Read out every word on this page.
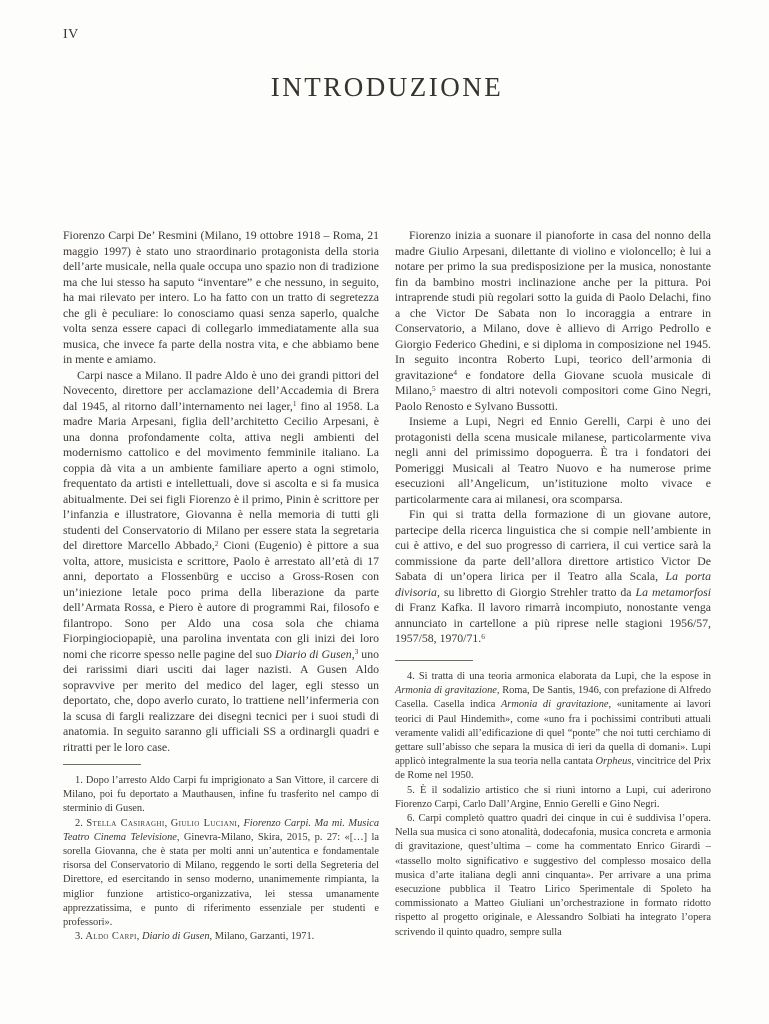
IV
INTRODUZIONE

Fiorenzo Carpi De’ Resmini (Milano, 19 ottobre 1918 – Roma, 21 maggio 1997) è stato uno straordinario protagonista della storia dell’arte musicale, nella quale occupa uno spazio non di tradizione ma che lui stesso ha saputo “inventare” e che nessuno, in seguito, ha mai rilevato per intero. Lo ha fatto con un tratto di segretezza che gli è peculiare: lo conosciamo quasi senza saperlo, qualche volta senza essere capaci di collegarlo immediatamente alla sua musica, che invece fa parte della nostra vita, e che abbiamo bene in mente e amiamo.

Carpi nasce a Milano. Il padre Aldo è uno dei grandi pittori del Novecento, direttore per acclamazione dell’Accademia di Brera dal 1945, al ritorno dall’internamento nei lager,$^1$ fino al 1958. La madre Maria Arpesani, figlia dell’architetto Cecilio Arpesani, è una donna profondamente colta, attiva negli ambienti del modernismo cattolico e del movimento femminile italiano. La coppia dà vita a un ambiente familiare aperto a ogni stimolo, frequentato da artisti e intellettuali, dove si ascolta e si fa musica abitualmente. Dei sei figli Fiorenzo è il primo, Pinin è scrittore per l’infanzia e illustratore, Giovanna è nella memoria di tutti gli studenti del Conservatorio di Milano per essere stata la segretaria del direttore Marcello Abbado,$^2$ Cioni (Eugenio) è pittore a sua volta, attore, musicista e scrittore, Paolo è arrestato all’età di 17 anni, deportato a Flossenbürg e ucciso a Gross-Rosen con un’iniezione letale poco prima della liberazione da parte dell’Armata Rossa, e Piero è autore di programmi Rai, filosofo e filantropo. Sono per Aldo una cosa sola che chiama Fiorpingiociopapiè, una parolina inventata con gli inizi dei loro nomi che ricorre spesso nelle pagine del suo Diario di Gusen,$^3$ uno dei rarissimi diari usciti dai lager nazisti. A Gusen Aldo sopravvive per merito del medico del lager, egli stesso un deportato, che, dopo averlo curato, lo trattiene nell’infermeria con la scusa di fargli realizzare dei disegni tecnici per i suoi studi di anatomia. In seguito saranno gli ufficiali SS a ordinargli quadri e ritratti per le loro case.

1. Dopo l’arresto Aldo Carpi fu imprigionato a San Vittore, il carcere di Milano, poi fu deportato a Mauthausen, infine fu trasferito nel campo di sterminio di Gusen.

2. Stella Casiraghi, Giulio Luciani, Fiorenzo Carpi. Ma mi. Musica Teatro Cinema Televisione, Ginevra-Milano, Skira, 2015, p. 27: «[…] la sorella Giovanna, che è stata per molti anni un’autentica e fondamentale risorsa del Conservatorio di Milano, reggendo le sorti della Segreteria del Direttore, ed esercitando in senso moderno, unanimemente rimpianta, la miglior funzione artistico-organizzativa, lei stessa umanamente apprezzatissima, e punto di riferimento essenziale per studenti e professori».

3. Aldo Carpi, Diario di Gusen, Milano, Garzanti, 1971.

Fiorenzo inizia a suonare il pianoforte in casa del nonno della madre Giulio Arpesani, dilettante di violino e violoncello; è lui a notare per primo la sua predisposizione per la musica, nonostante fin da bambino mostri inclinazione anche per la pittura. Poi intraprende studi più regolari sotto la guida di Paolo Delachi, fino a che Victor De Sabata non lo incoraggia a entrare in Conservatorio, a Milano, dove è allievo di Arrigo Pedrollo e Giorgio Federico Ghedini, e si diploma in composizione nel 1945. In seguito incontra Roberto Lupi, teorico dell’armonia di gravitazione$^4$ e fondatore della Giovane scuola musicale di Milano,$^5$ maestro di altri notevoli compositori come Gino Negri, Paolo Renosto e Sylvano Bussotti.

Insieme a Lupi, Negri ed Ennio Gerelli, Carpi è uno dei protagonisti della scena musicale milanese, particolarmente viva negli anni del primissimo dopoguerra. È tra i fondatori dei Pomeriggi Musicali al Teatro Nuovo e ha numerose prime esecuzioni all’Angelicum, un’istituzione molto vivace e particolarmente cara ai milanesi, ora scomparsa.

Fin qui si tratta della formazione di un giovane autore, partecipe della ricerca linguistica che si compie nell’ambiente in cui è attivo, e del suo progresso di carriera, il cui vertice sarà la commissione da parte dell’allora direttore artistico Victor De Sabata di un’opera lirica per il Teatro alla Scala, La porta divisoria, su libretto di Giorgio Strehler tratto da La metamorfosi di Franz Kafka. Il lavoro rimarrà incompiuto, nonostante venga annunciato in cartellone a più riprese nelle stagioni 1956/57, 1957/58, 1970/71.$^6$

4. Si tratta di una teoria armonica elaborata da Lupi, che la espose in Armonia di gravitazione, Roma, De Santis, 1946, con prefazione di Alfredo Casella. Casella indica Armonia di gravitazione, «unitamente ai lavori teorici di Paul Hindemith», come «uno fra i pochissimi contributi attuali veramente validi all’edificazione di quel “ponte” che noi tutti cerchiamo di gettare sull’abisso che separa la musica di ieri da quella di domani». Lupi applicò integralmente la sua teoria nella cantata Orpheus, vincitrice del Prix de Rome nel 1950.

5. È il sodalizio artistico che si riunì intorno a Lupi, cui aderirono Fiorenzo Carpi, Carlo Dall’Argine, Ennio Gerelli e Gino Negri.

6. Carpi completò quattro quadri dei cinque in cui è suddivisa l’opera. Nella sua musica ci sono atonalità, dodecafonia, musica concreta e armonia di gravitazione, quest’ultima – come ha commentato Enrico Girardi – «tassello molto significativo e suggestivo del complesso mosaico della musica d’arte italiana degli anni cinquanta». Per arrivare a una prima esecuzione pubblica il Teatro Lirico Sperimentale di Spoleto ha commissionato a Matteo Giuliani un’orchestrazione in formato ridotto rispetto al progetto originale, e Alessandro Solbiati ha integrato l’opera scrivendo il quinto quadro, sempre sulla
